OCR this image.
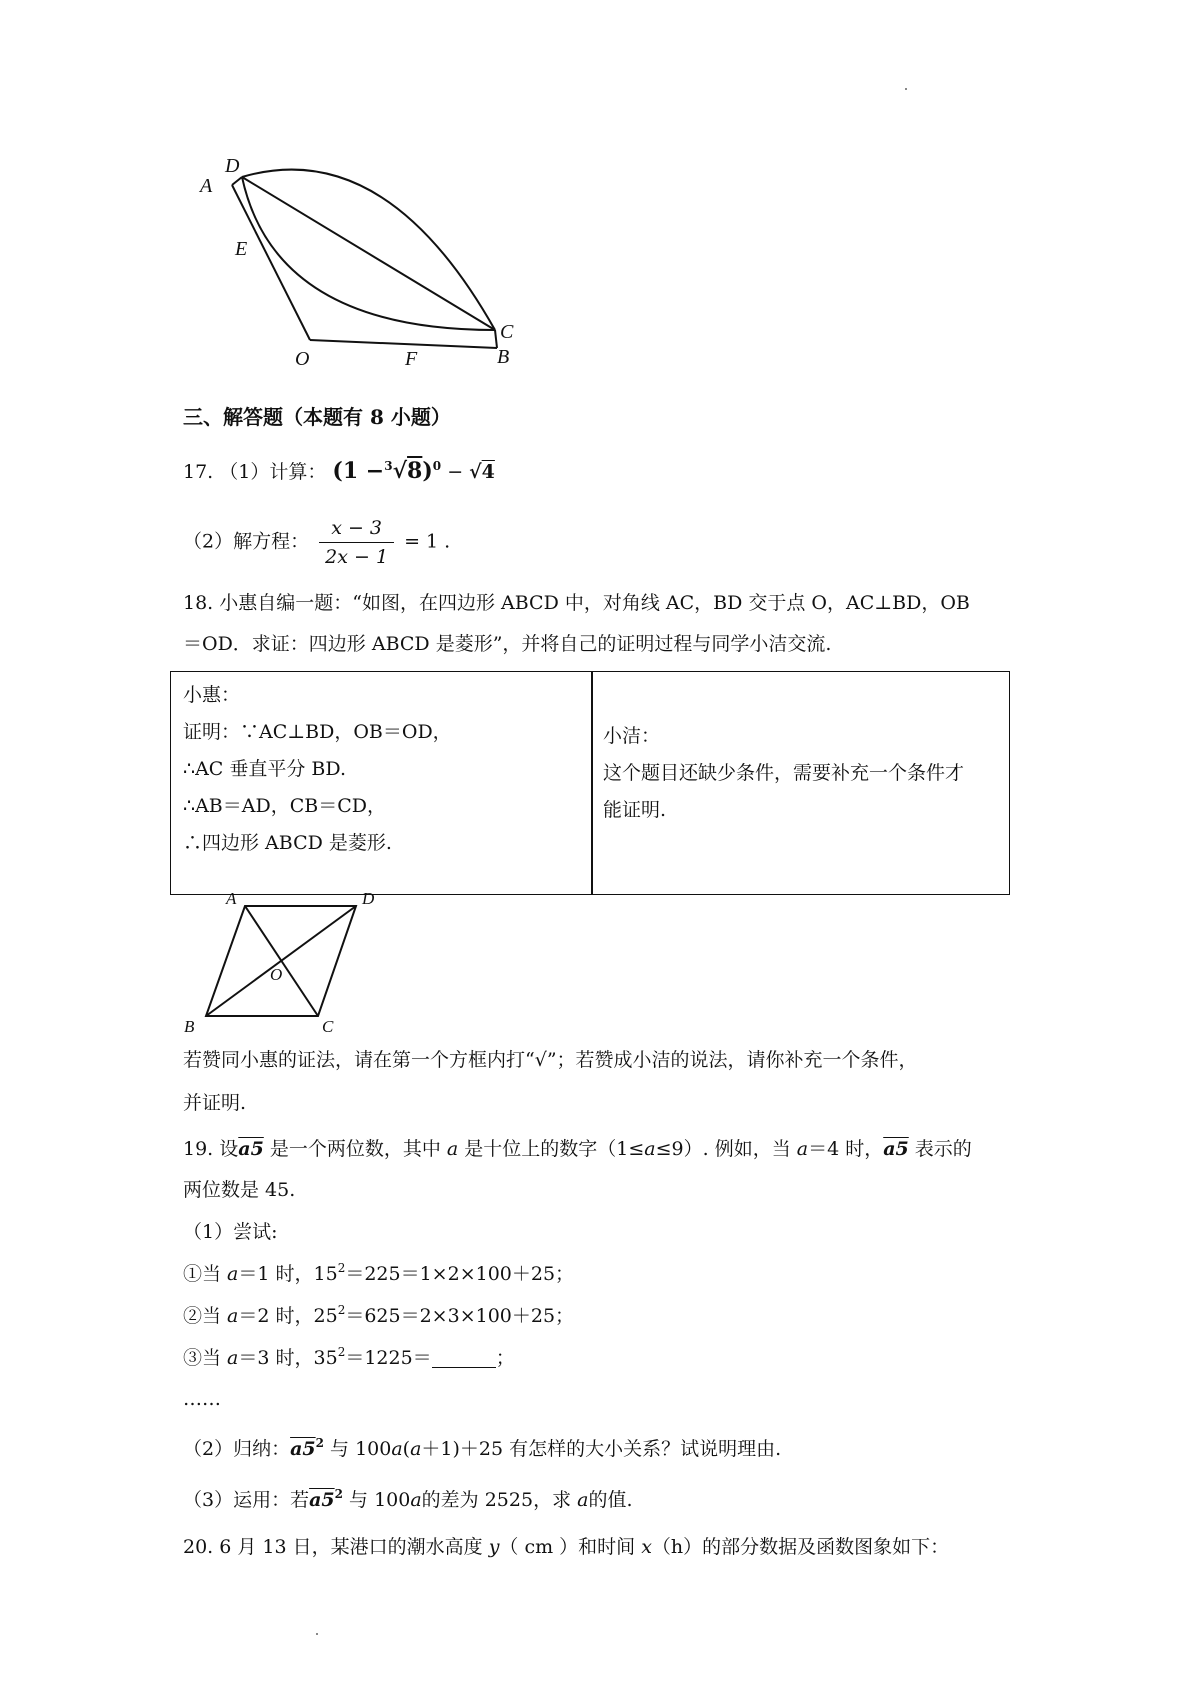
A
D
E
C
O	F	B
三、解答题（本题有 8 小题）
17. （1）计算： $(1 -^3√8)^0 - √4$
（2）解方程： $\frac{x - 3}{2x - 1} = 1$ .
18. 小惠自编一题：“如图，在四边形 ABCD 中，对角线 AC，BD 交于点 O，AC⊥BD，OB
＝OD．求证：四边形 ABCD 是菱形”，并将自己的证明过程与同学小洁交流.
小惠：
证明：∵AC⊥BD，OB＝OD，
∴AC 垂直平分 BD.
∴AB＝AD，CB＝CD，
∴四边形 ABCD 是菱形.
小洁：
这个题目还缺少条件，需要补充一个条件才
能证明.
A	D
O
B	C
若赞同小惠的证法，请在第一个方框内打“√”；若赞成小洁的说法，请你补充一个条件，
并证明.
19. 设a5 是一个两位数，其中 a 是十位上的数字（1≤a≤9）. 例如，当 a＝4 时，a5 表示的
两位数是 45.
（1）尝试:
①当 a＝1 时，$15^2=225=1\times 2\times 100+25$；
②当 a＝2 时，$25^2=625=2\times 3\times 100+25$；
③当 a＝3 时，$35^2=1225=$	；
……
（2）归纳：$a5^2$ 与 100a(a＋1)＋25 有怎样的大小关系？试说明理由.
（3）运用：若$a5^2$ 与 100a的差为 2525，求 a的值.
20. 6 月 13 日，某港口的潮水高度 y（ cm ）和时间 x（h）的部分数据及函数图象如下：
